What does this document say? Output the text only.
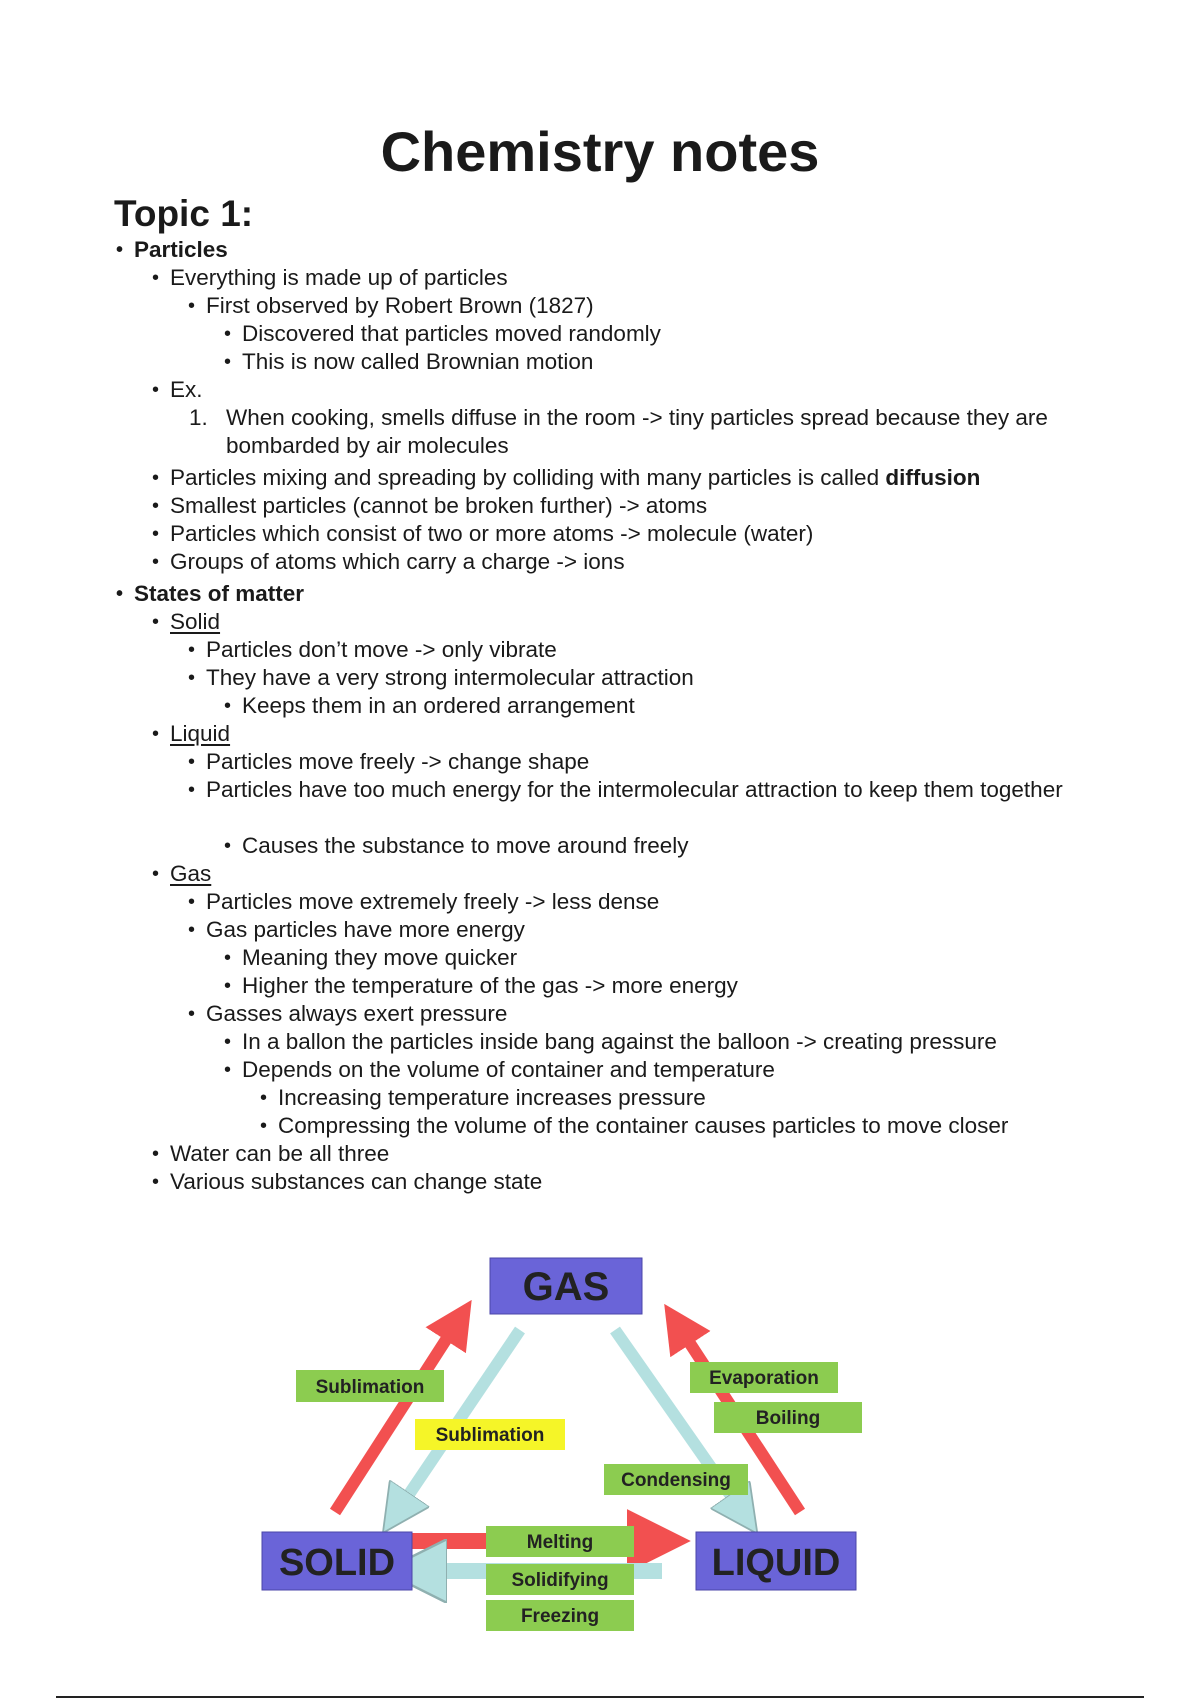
Chemistry notes
Topic 1:
• Particles
• Everything is made up of particles
• First observed by Robert Brown (1827)
• Discovered that particles moved randomly
• This is now called Brownian motion
• Ex.
1. When cooking, smells diffuse in the room -> tiny particles spread because they are bombarded by air molecules
• Particles mixing and spreading by colliding with many particles is called diffusion
• Smallest particles (cannot be broken further) -> atoms
• Particles which consist of two or more atoms -> molecule (water)
• Groups of atoms which carry a charge -> ions
• States of matter
• Solid
• Particles don’t move -> only vibrate
• They have a very strong intermolecular attraction
• Keeps them in an ordered arrangement
• Liquid
• Particles move freely -> change shape
• Particles have too much energy for the intermolecular attraction to keep them together
• Causes the substance to move around freely
• Gas
• Particles move extremely freely -> less dense
• Gas particles have more energy
• Meaning they move quicker
• Higher the temperature of the gas -> more energy
• Gasses always exert pressure
• In a ballon the particles inside bang against the balloon -> creating pressure
• Depends on the volume of container and temperature
• Increasing temperature increases pressure
• Compressing the volume of the container causes particles to move closer
• Water can be all three
• Various substances can change state
GAS
SOLID	LIQUID
Sublimation
Sublimation
Evaporation
Boiling
Condensing
Melting
Solidifying
Freezing
